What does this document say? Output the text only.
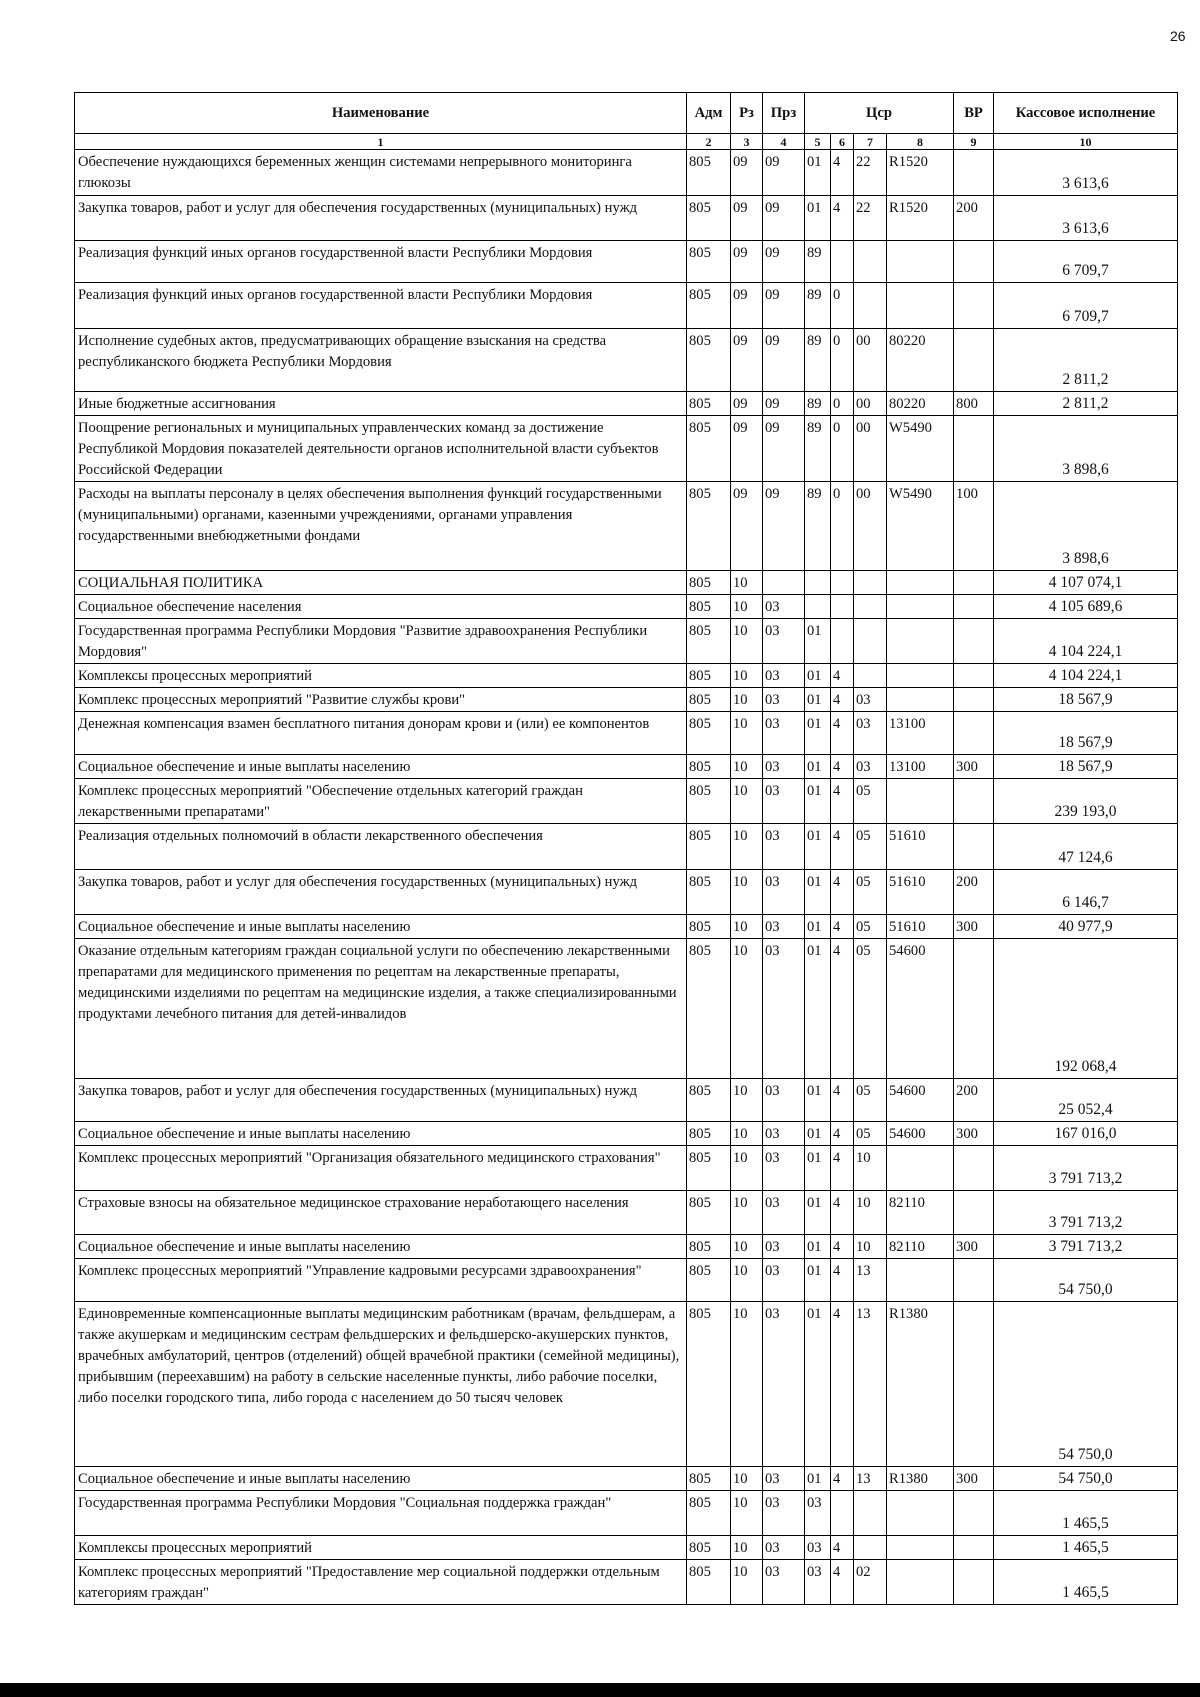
26
Наименование	Адм	Рз	Прз	Цср				ВР	Кассовое исполнение
1	2	3	4	5	6	7	8	9	10
Обеспечение нуждающихся беременных женщин системами непрерывного мониторинга глюкозы	805	09	09	01	4	22	R1520		3 613,6
Закупка товаров, работ и услуг для обеспечения государственных (муниципальных) нужд	805	09	09	01	4	22	R1520	200	3 613,6
Реализация функций иных органов государственной власти Республики Мордовия	805	09	09	89					6 709,7
Реализация функций иных органов государственной власти Республики Мордовия	805	09	09	89	0				6 709,7
Исполнение судебных актов, предусматривающих обращение взыскания на средства республиканского бюджета Республики Мордовия	805	09	09	89	0	00	80220		2 811,2
Иные бюджетные ассигнования	805	09	09	89	0	00	80220	800	2 811,2
Поощрение региональных и муниципальных управленческих команд за достижение Республикой Мордовия показателей деятельности органов исполнительной власти субъектов Российской Федерации	805	09	09	89	0	00	W5490		3 898,6
Расходы на выплаты персоналу в целях обеспечения выполнения функций государственными (муниципальными) органами, казенными учреждениями, органами управления государственными внебюджетными фондами	805	09	09	89	0	00	W5490	100	3 898,6
СОЦИАЛЬНАЯ ПОЛИТИКА	805	10							4 107 074,1
Социальное обеспечение населения	805	10	03						4 105 689,6
Государственная программа Республики Мордовия "Развитие здравоохранения Республики Мордовия"	805	10	03	01					4 104 224,1
Комплексы процессных мероприятий	805	10	03	01	4				4 104 224,1
Комплекс процессных мероприятий "Развитие службы крови"	805	10	03	01	4	03			18 567,9
Денежная компенсация взамен бесплатного питания донорам крови и (или) ее компонентов	805	10	03	01	4	03	13100		18 567,9
Социальное обеспечение и иные выплаты населению	805	10	03	01	4	03	13100	300	18 567,9
Комплекс процессных мероприятий "Обеспечение отдельных категорий граждан лекарственными препаратами"	805	10	03	01	4	05			239 193,0
Реализация отдельных полномочий в области лекарственного обеспечения	805	10	03	01	4	05	51610		47 124,6
Закупка товаров, работ и услуг для обеспечения государственных (муниципальных) нужд	805	10	03	01	4	05	51610	200	6 146,7
Социальное обеспечение и иные выплаты населению	805	10	03	01	4	05	51610	300	40 977,9
Оказание отдельным категориям граждан социальной услуги по обеспечению лекарственными препаратами для медицинского применения по рецептам на лекарственные препараты, медицинскими изделиями по рецептам на медицинские изделия, а также специализированными продуктами лечебного питания для детей-инвалидов	805	10	03	01	4	05	54600		192 068,4
Закупка товаров, работ и услуг для обеспечения государственных (муниципальных) нужд	805	10	03	01	4	05	54600	200	25 052,4
Социальное обеспечение и иные выплаты населению	805	10	03	01	4	05	54600	300	167 016,0
Комплекс процессных мероприятий "Организация обязательного медицинского страхования"	805	10	03	01	4	10			3 791 713,2
Страховые взносы на обязательное медицинское страхование неработающего населения	805	10	03	01	4	10	82110		3 791 713,2
Социальное обеспечение и иные выплаты населению	805	10	03	01	4	10	82110	300	3 791 713,2
Комплекс процессных мероприятий "Управление кадровыми ресурсами здравоохранения"	805	10	03	01	4	13			54 750,0
Единовременные компенсационные выплаты медицинским работникам (врачам, фельдшерам, а также акушеркам и медицинским сестрам фельдшерских и фельдшерско-акушерских пунктов, врачебных амбулаторий, центров (отделений) общей врачебной практики (семейной медицины), прибывшим (переехавшим) на работу в сельские населенные пункты, либо рабочие поселки, либо поселки городского типа, либо города с населением до 50 тысяч человек	805	10	03	01	4	13	R1380		54 750,0
Социальное обеспечение и иные выплаты населению	805	10	03	01	4	13	R1380	300	54 750,0
Государственная программа Республики Мордовия "Социальная поддержка граждан"	805	10	03	03					1 465,5
Комплексы процессных мероприятий	805	10	03	03	4				1 465,5
Комплекс процессных мероприятий "Предоставление мер социальной поддержки отдельным категориям граждан"	805	10	03	03	4	02			1 465,5
